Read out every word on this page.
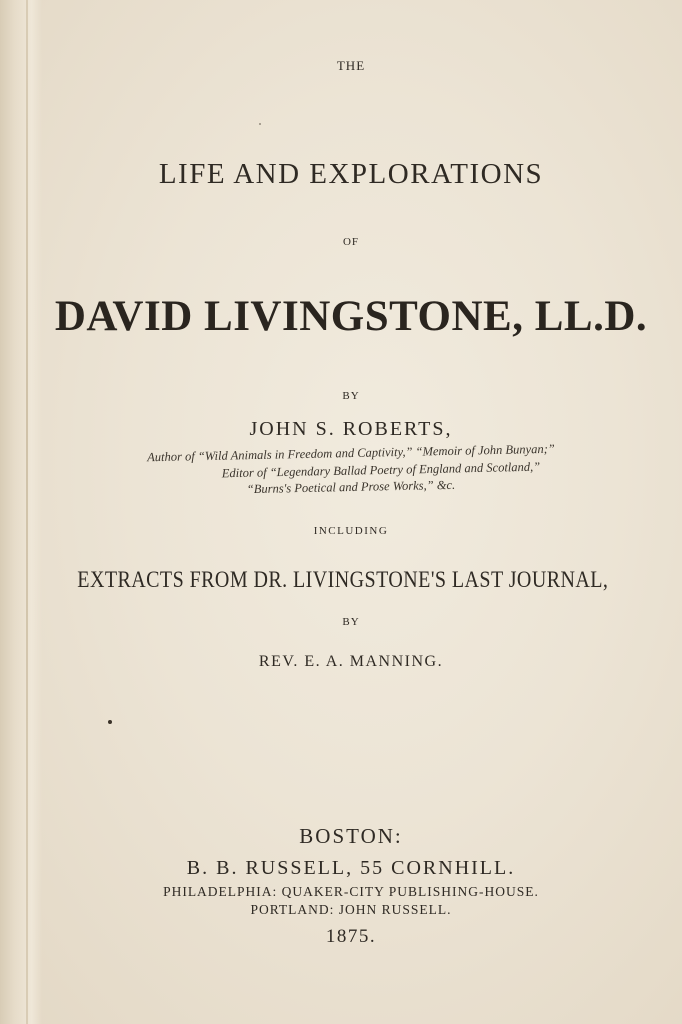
THE
LIFE AND EXPLORATIONS
OF
DAVID LIVINGSTONE, LL.D.
BY
JOHN S. ROBERTS,
Author of “Wild Animals in Freedom and Captivity,” “Memoir of John Bunyan;”
Editor of “Legendary Ballad Poetry of England and Scotland,”
“Burns's Poetical and Prose Works,” &c.
INCLUDING
EXTRACTS FROM DR. LIVINGSTONE'S LAST JOURNAL,
BY
REV. E. A. MANNING.
BOSTON:
B. B. RUSSELL, 55 CORNHILL.
PHILADELPHIA: QUAKER-CITY PUBLISHING-HOUSE.
PORTLAND: JOHN RUSSELL.
1875.
